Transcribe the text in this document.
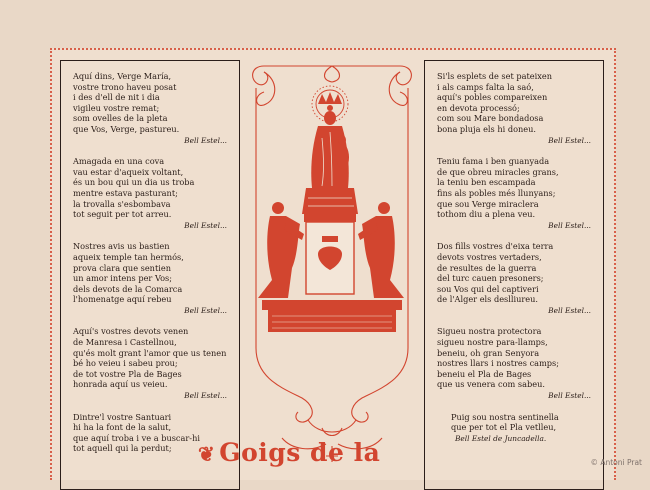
Aquí dins, Verge María,
vostre trono haveu posat
i des d'ell de nit i dia
vigileu vostre remat;
som ovelles de la pleta
que Vos, Verge, pastureu.
Bell Estel...
Amagada en una cova
vau estar d'aqueix voltant,
és un bou qui un dia us troba
mentre estava pasturant;
la trovalla s'esbombava
tot seguit per tot arreu.
Bell Estel...
Nostres avis us bastien
aqueix temple tan hermós,
prova clara que sentien
un amor intens per Vos;
dels devots de la Comarca
l'homenatge aquí rebeu
Bell Estel...
Aquí's vostres devots venen
de Manresa i Castellnou,
qu'és molt grant l'amor que us tenen
bé ho veieu i sabeu prou;
de tot vostre Pla de Bages
honrada aquí us veieu.
Bell Estel...
Dintre'l vostre Santuari
hi ha la font de la salut,
que aquí troba i ve a buscar-hi
tot aquell qui la perdut;
Si'ls esplets de set pateixen
i als camps falta la saó,
aquí's pobles compareixen
en devota processó;
com sou Mare bondadosa
bona pluja els hi doneu.
Bell Estel...
Teniu fama i ben guanyada
de que obreu miracles grans,
la teniu ben escampada
fins als pobles més llunyans;
que sou Verge miraclera
tothom diu a plena veu.
Bell Estel...
Dos fills vostres d'eixa terra
devots vostres vertaders,
de resultes de la guerra
del turc cauen presoners;
sou Vos qui del captiveri
de l'Alger els deslliureu.
Bell Estel...
Sigueu nostra protectora
sigueu nostre para-llamps,
beneiu, oh gran Senyora
nostres llars i nostres camps;
beneiu el Pla de Bages
que us venera com sabeu.
Bell Estel...
Puig sou nostra sentinella
que per tot el Pla vetlleu,
Bell Estel de Juncadella.
❦ Goigs de la	© Antoni Prat
